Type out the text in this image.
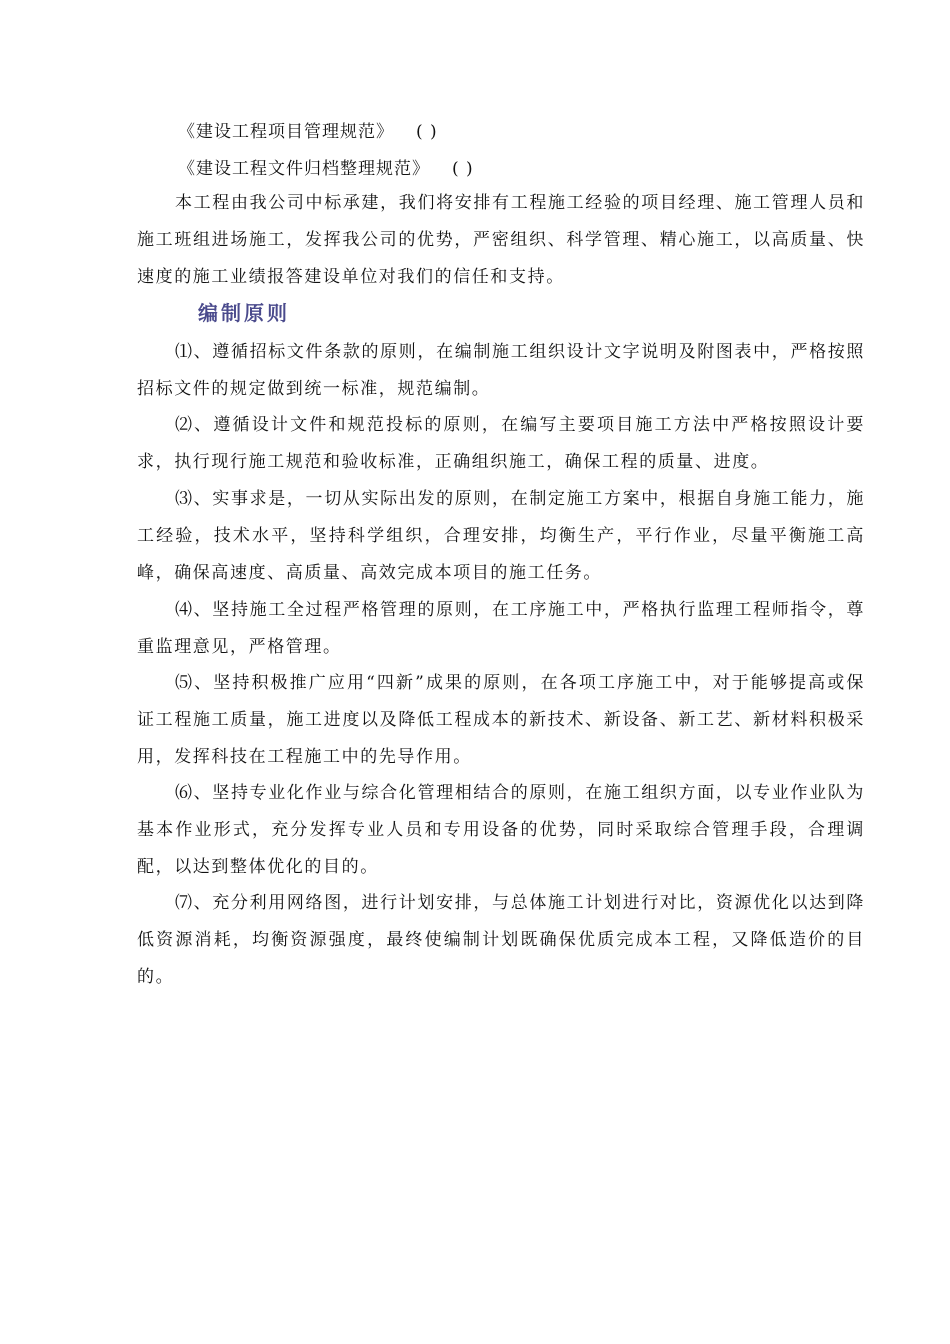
《建设工程项目管理规范》 ( )
《建设工程文件归档整理规范》 ( )

本工程由我公司中标承建，我们将安排有工程施工经验的项目经理、施工管理人员和施工班组进场施工，发挥我公司的优势，严密组织、科学管理、精心施工，以高质量、快速度的施工业绩报答建设单位对我们的信任和支持。

编制原则

⑴、遵循招标文件条款的原则，在编制施工组织设计文字说明及附图表中，严格按照招标文件的规定做到统一标准，规范编制。

⑵、遵循设计文件和规范投标的原则，在编写主要项目施工方法中严格按照设计要求，执行现行施工规范和验收标准，正确组织施工，确保工程的质量、进度。

⑶、实事求是，一切从实际出发的原则，在制定施工方案中，根据自身施工能力，施工经验，技术水平，坚持科学组织，合理安排，均衡生产，平行作业，尽量平衡施工高峰，确保高速度、高质量、高效完成本项目的施工任务。

⑷、坚持施工全过程严格管理的原则，在工序施工中，严格执行监理工程师指令，尊重监理意见，严格管理。

⑸、坚持积极推广应用“四新”成果的原则，在各项工序施工中，对于能够提高或保证工程施工质量，施工进度以及降低工程成本的新技术、新设备、新工艺、新材料积极采用，发挥科技在工程施工中的先导作用。

⑹、坚持专业化作业与综合化管理相结合的原则，在施工组织方面，以专业作业队为基本作业形式，充分发挥专业人员和专用设备的优势，同时采取综合管理手段，合理调配，以达到整体优化的目的。

⑺、充分利用网络图，进行计划安排，与总体施工计划进行对比，资源优化以达到降低资源消耗，均衡资源强度，最终使编制计划既确保优质完成本工程，又降低造价的目的。
